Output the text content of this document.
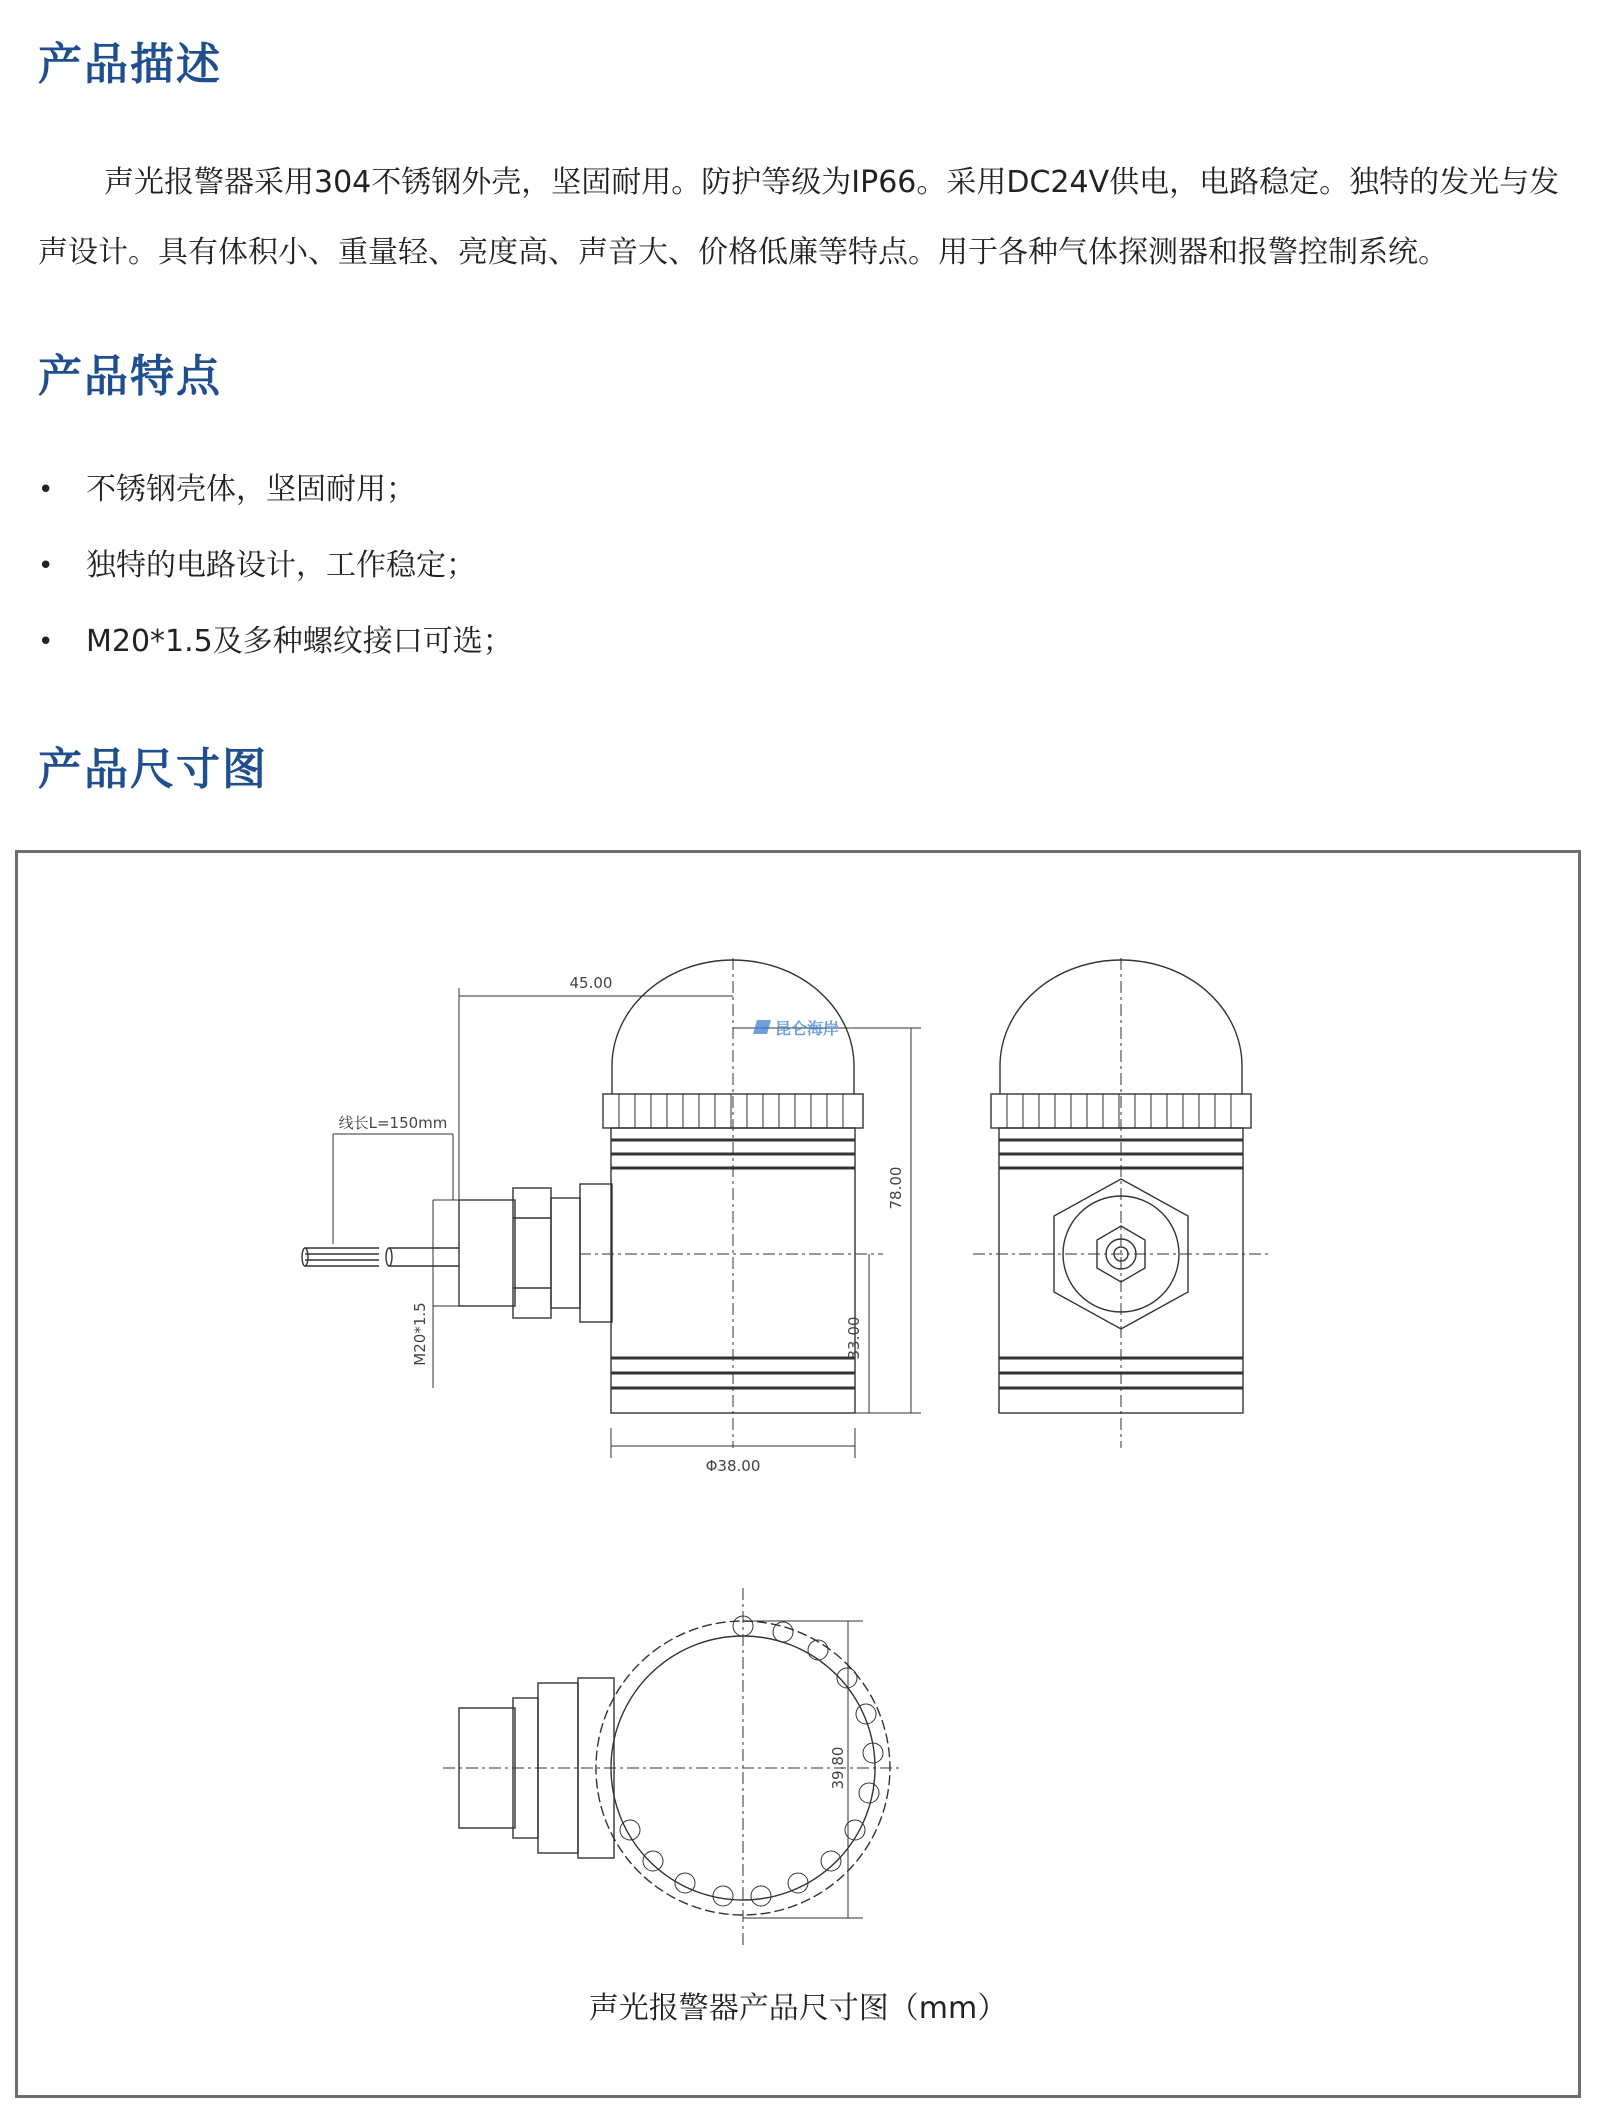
产品描述

声光报警器采用304不锈钢外壳，坚固耐用。防护等级为IP66。采用DC24V供电，电路稳定。独特的发光与发声设计。具有体积小、重量轻、亮度高、声音大、价格低廉等特点。用于各种气体探测器和报警控制系统。

产品特点
•	不锈钢壳体，坚固耐用；
•	独特的电路设计，工作稳定；
•	M20*1.5及多种螺纹接口可选；
产品尺寸图
45.00
线长L=150mm
78.00
33.00
M20*1.5
Φ38.00
39.80
昆仑海岸
声光报警器产品尺寸图（mm）
